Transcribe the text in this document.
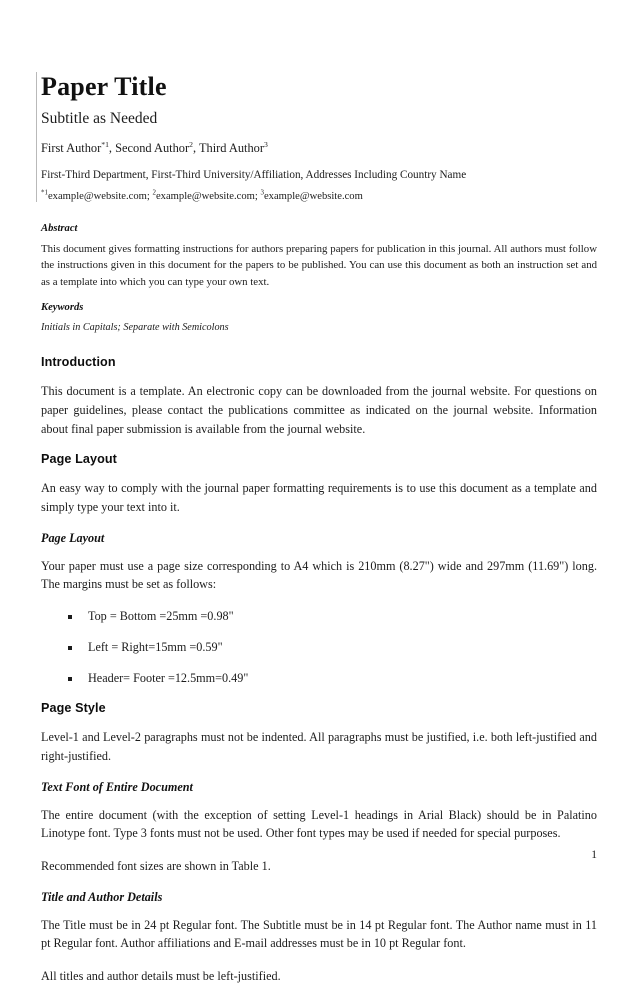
Paper Title
Subtitle as Needed
First Author$^{*1}$, Second Author$^2$, Third Author$^3$
First-Third Department, First-Third University/Affiliation, Addresses Including Country Name
$^{*1}$example@website.com; $^2$example@website.com; $^3$example@website.com
Abstract

This document gives formatting instructions for authors preparing papers for publication in this journal. All authors must follow the instructions given in this document for the papers to be published. You can use this document as both an instruction set and as a template into which you can type your own text.

Keywords

Initials in Capitals; Separate with Semicolons

Introduction

This document is a template. An electronic copy can be downloaded from the journal website. For questions on paper guidelines, please contact the publications committee as indicated on the journal website. Information about final paper submission is available from the journal website.

Page Layout

An easy way to comply with the journal paper formatting requirements is to use this document as a template and simply type your text into it.

Page Layout

Your paper must use a page size corresponding to A4 which is 210mm (8.27") wide and 297mm (11.69") long. The margins must be set as follows:

Top = Bottom =25mm =0.98"
Left = Right=15mm =0.59"
Header= Footer =12.5mm=0.49"
Page Style

Level-1 and Level-2 paragraphs must not be indented. All paragraphs must be justified, i.e. both left-justified and right-justified.

Text Font of Entire Document

The entire document (with the exception of setting Level-1 headings in Arial Black) should be in Palatino Linotype font. Type 3 fonts must not be used. Other font types may be used if needed for special purposes.

Recommended font sizes are shown in Table 1.

Title and Author Details

The Title must be in 24 pt Regular font. The Subtitle must be in 14 pt Regular font. The Author name must in 11 pt Regular font. Author affiliations and E-mail addresses must be in 10 pt Regular font.

All titles and author details must be left-justified.

1
